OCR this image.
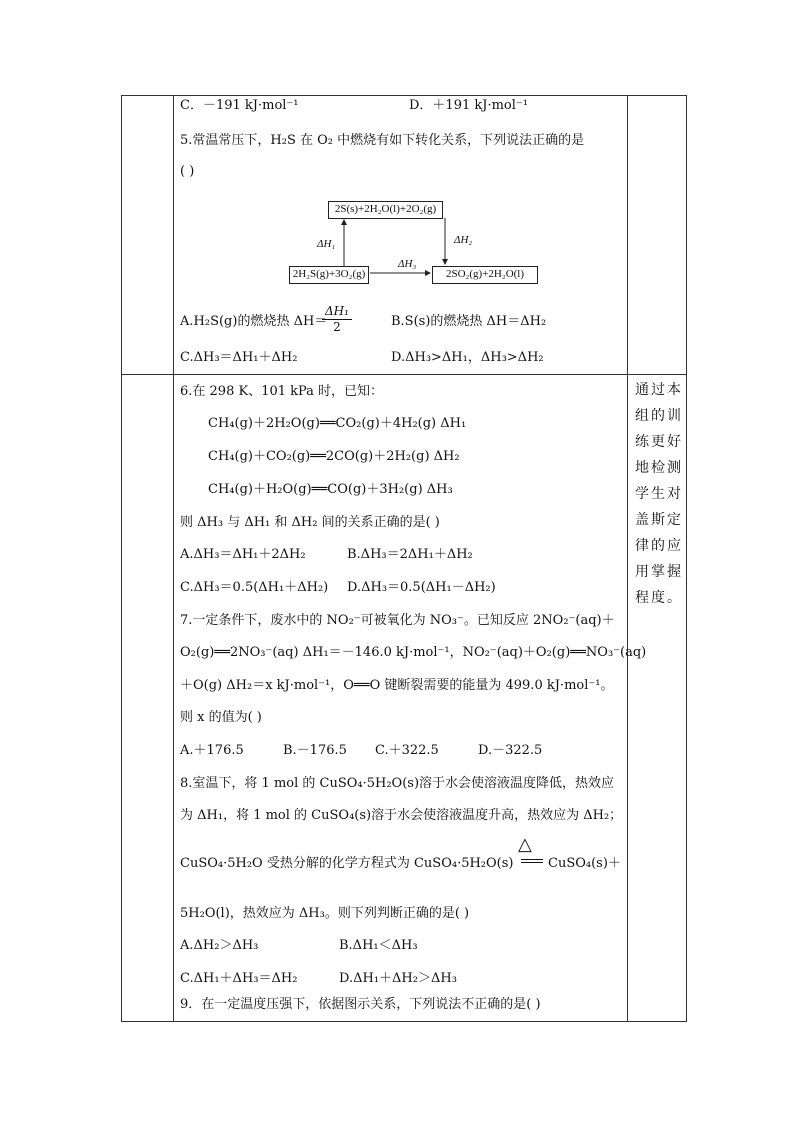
C．－191 kJ·mol⁻¹	D．＋191 kJ·mol⁻¹
5.常温常压下，H₂S 在 O₂ 中燃烧有如下转化关系，下列说法正确的是
( )
2S(s)+2H₂O(l)+2O₂(g)
2H₂S(g)+3O₂(g)	2SO₂(g)+2H₂O(l)
ΔH₁	ΔH₂
ΔH₃
A.H₂S(g)的燃烧热 ΔH＝
$\frac{\text{ΔH₁}}{2}$	B.S(s)的燃烧热 ΔH＝ΔH₂
C.ΔH₃＝ΔH₁＋ΔH₂	D.ΔH₃>ΔH₁，ΔH₃>ΔH₂
6.在 298 K、101 kPa 时，已知：
CH₄(g)＋2H₂O(g)══CO₂(g)＋4H₂(g) ΔH₁
CH₄(g)＋CO₂(g)══2CO(g)＋2H₂(g) ΔH₂
CH₄(g)＋H₂O(g)══CO(g)＋3H₂(g) ΔH₃
则 ΔH₃ 与 ΔH₁ 和 ΔH₂ 间的关系正确的是( )
A.ΔH₃＝ΔH₁＋2ΔH₂	B.ΔH₃＝2ΔH₁＋ΔH₂
C.ΔH₃＝0.5(ΔH₁＋ΔH₂) D.ΔH₃＝0.5(ΔH₁－ΔH₂)
7.一定条件下，废水中的 NO₂⁻可被氧化为 NO₃⁻。已知反应 2NO₂⁻(aq)＋
O₂(g)══2NO₃⁻(aq) ΔH₁＝－146.0 kJ·mol⁻¹，NO₂⁻(aq)＋O₂(g)══NO₃⁻(aq)
＋O(g) ΔH₂＝x kJ·mol⁻¹，O══O 键断裂需要的能量为 499.0 kJ·mol⁻¹。
则 x 的值为( )
A.＋176.5	B.－176.5 C.＋322.5	D.－322.5
8.室温下，将 1 mol 的 CuSO₄·5H₂O(s)溶于水会使溶液温度降低，热效应
为 ΔH₁，将 1 mol 的 CuSO₄(s)溶于水会使溶液温度升高，热效应为 ΔH₂；
CuSO₄·5H₂O 受热分解的化学方程式为 CuSO₄·5H₂O(s)
△
CuSO₄(s)＋
5H₂O(l)，热效应为 ΔH₃。则下列判断正确的是( )
A.ΔH₂＞ΔH₃	B.ΔH₁＜ΔH₃
C.ΔH₁＋ΔH₃＝ΔH₂	D.ΔH₁＋ΔH₂＞ΔH₃
9．在一定温度压强下，依据图示关系，下列说法不正确的是( )
通过本
组的训
练更好
地检测
学生对
盖斯定
律的应
用掌握
程度。
